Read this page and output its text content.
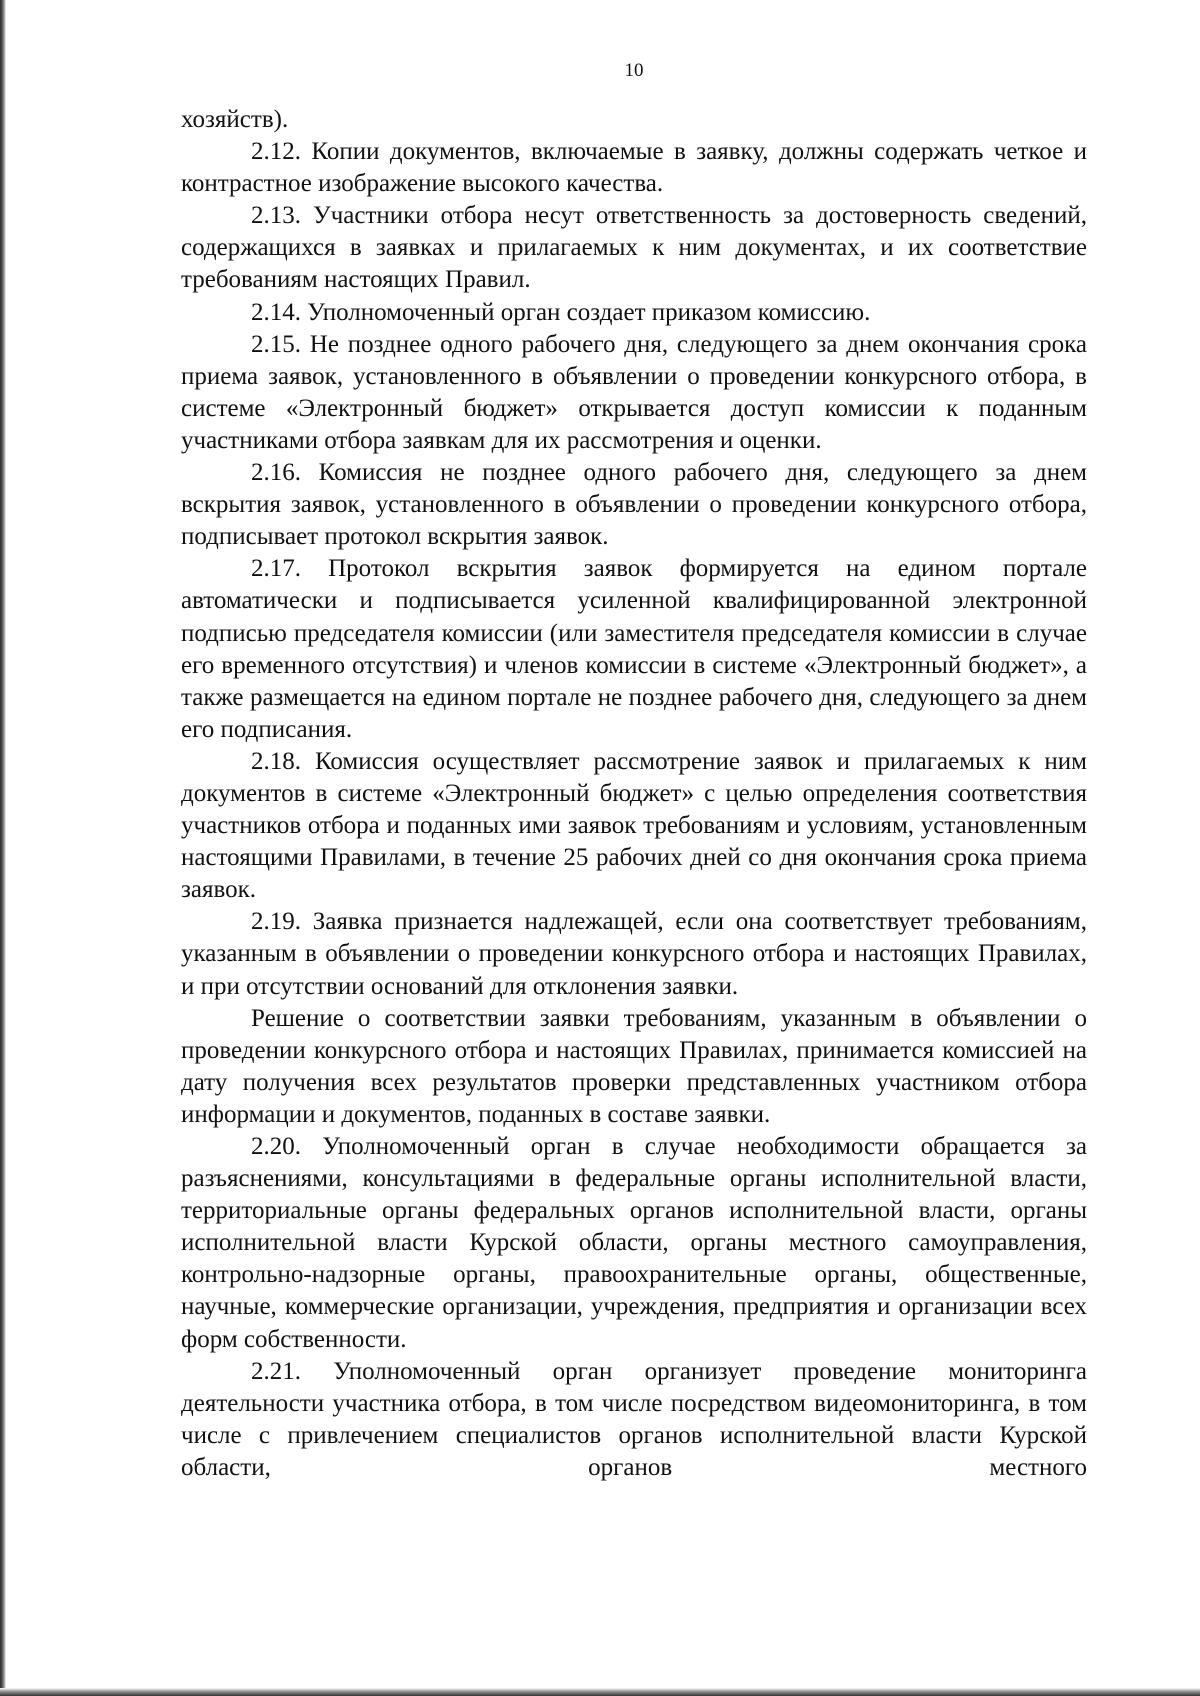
10

хозяйств).

2.12. Копии документов, включаемые в заявку, должны содержать четкое и контрастное изображение высокого качества.

2.13. Участники отбора несут ответственность за достоверность сведений, содержащихся в заявках и прилагаемых к ним документах, и их соответствие требованиям настоящих Правил.

2.14. Уполномоченный орган создает приказом комиссию.

2.15. Не позднее одного рабочего дня, следующего за днем окончания срока приема заявок, установленного в объявлении о проведении конкурсного отбора, в системе «Электронный бюджет» открывается доступ комиссии к поданным участниками отбора заявкам для их рассмотрения и оценки.

2.16. Комиссия не позднее одного рабочего дня, следующего за днем вскрытия заявок, установленного в объявлении о проведении конкурсного отбора, подписывает протокол вскрытия заявок.

2.17. Протокол вскрытия заявок формируется на едином портале автоматически и подписывается усиленной квалифицированной электронной подписью председателя комиссии (или заместителя председателя комиссии в случае его временного отсутствия) и членов комиссии в системе «Электронный бюджет», а также размещается на едином портале не позднее рабочего дня, следующего за днем его подписания.

2.18. Комиссия осуществляет рассмотрение заявок и прилагаемых к ним документов в системе «Электронный бюджет» с целью определения соответствия участников отбора и поданных ими заявок требованиям и условиям, установленным настоящими Правилами, в течение 25 рабочих дней со дня окончания срока приема заявок.

2.19. Заявка признается надлежащей, если она соответствует требованиям, указанным в объявлении о проведении конкурсного отбора и настоящих Правилах, и при отсутствии оснований для отклонения заявки.

Решение о соответствии заявки требованиям, указанным в объявлении о проведении конкурсного отбора и настоящих Правилах, принимается комиссией на дату получения всех результатов проверки представленных участником отбора информации и документов, поданных в составе заявки.

2.20. Уполномоченный орган в случае необходимости обращается за разъяснениями, консультациями в федеральные органы исполнительной власти, территориальные органы федеральных органов исполнительной власти, органы исполнительной власти Курской области, органы местного самоуправления, контрольно-надзорные органы, правоохранительные органы, общественные, научные, коммерческие организации, учреждения, предприятия и организации всех форм собственности.

2.21. Уполномоченный орган организует проведение мониторинга деятельности участника отбора, в том числе посредством видеомониторинга, в том числе с привлечением специалистов органов исполнительной власти Курской области, органов местного
